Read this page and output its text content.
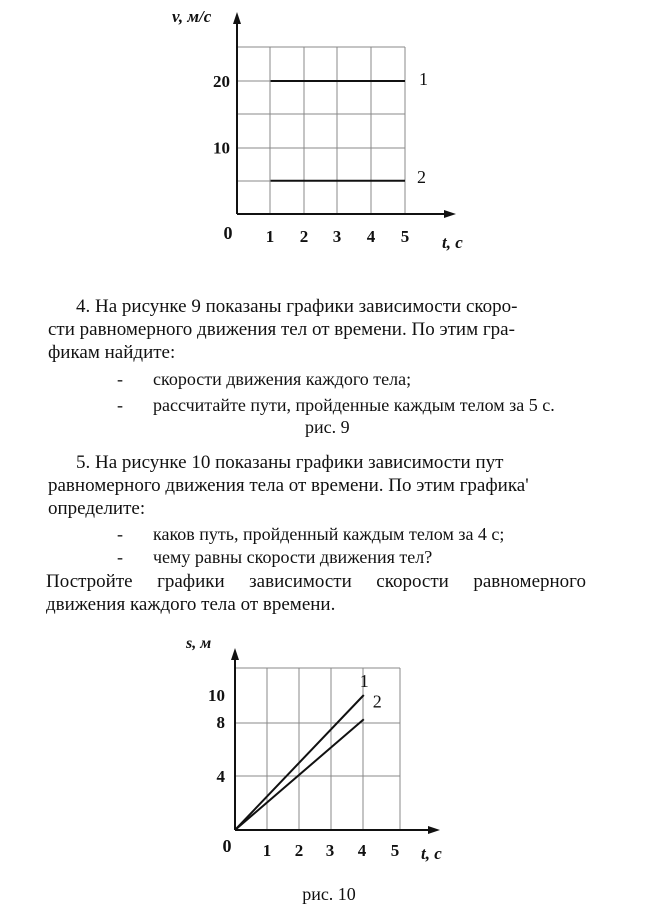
1
2
1 2 3 4 5
10
20
0
v, м/с
t, с

4. На рисунке 9 показаны графики зависимости скоро-

сти равномерного движения тел от времени. По этим гра-

фикам найдите:

- скорости движения каждого тела;
- рассчитайте пути, пройденные каждым телом за 5 с.
рис. 9

5. На рисунке 10 показаны графики зависимости пут

равномерного движения тела от времени. По этим графика'

определите:

- каков путь, пройденный каждым телом за 4 с;
- чему равны скорости движения тел?

Постройте графики зависимости скорости равномерного

движения каждого тела от времени.

1
2
1 2 3 4 5
4
8
10
0
s, м
t, с
рис. 10
